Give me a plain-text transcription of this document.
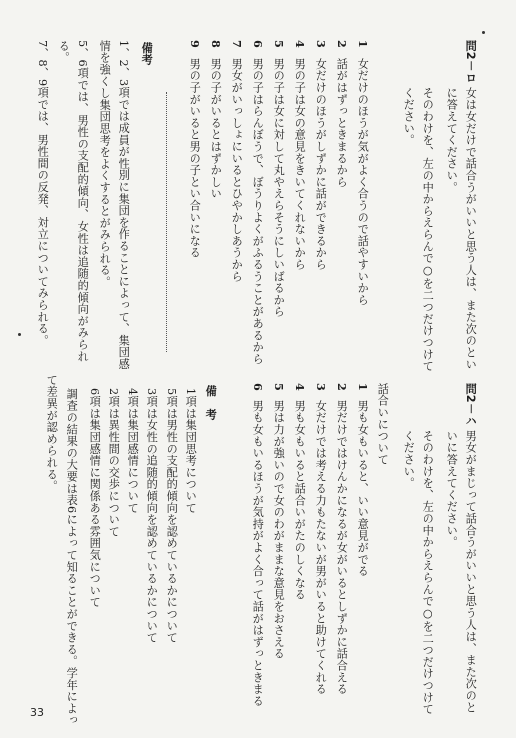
問2－ロ
女は女だけで話合うがいいと思う人は、また次のとい
に答えてください。
そのわけを、左の中からえらんで○を二つだけつけて
ください。
1
女だけのほうが気がよく合うので話やすいから
2
話がはずっときまるから
3
女だけのほうがしずかに話ができるから
4
男の子は女の意見をきいてくれないから
5
男の子は女に対して丸やえらそうにしいばるから
6
男の子はらんぼうで、ぼうりよくがふるうことがあるから
7
男女がいっしょにいるとひやかしあうから
8
男の子がいるとはずかしい
9
男の子がいると男の子とい合いになる
備考
1、2、3項では成員が性別に集団を作ることによって、集団感
情を強くし集団思考をよくするとがみられる。
5、6項では、男性の支配的傾向、女性は追随的傾向がみられ
る。
7、8、9項では、男性間の反発、対立についてみられる。
問2－ハ
男女がまじって話合うがいいと思う人は、また次のと
いに答えてください。
そのわけを、左の中からえらんで○を二つだけつけて
ください。
話合いについて
1
男も女もいると、いい意見がでる
2
男だけではけんかになるが女がいるとしずかに話合える
3
女だけでは考える力もたないが男がいると助けてくれる
4
男も女もいると話合いがたのしくなる
5
男は力が強いので女のわがままな意見をおさえる
6
男も女もいるほうが気持がよく合って話がはずっときまる
備　考
1項は集団思考について
5項は男性の支配的傾向を認めているかについて
3項は女性の追随的傾向を認めているかについて
4項は集団感情について
2項は異性間の交歩について
6項は集団感情に関係ある雰囲気について
調査の結果の大要は表6によって知ることができる。学年によっ
て差異が認められる。
33
